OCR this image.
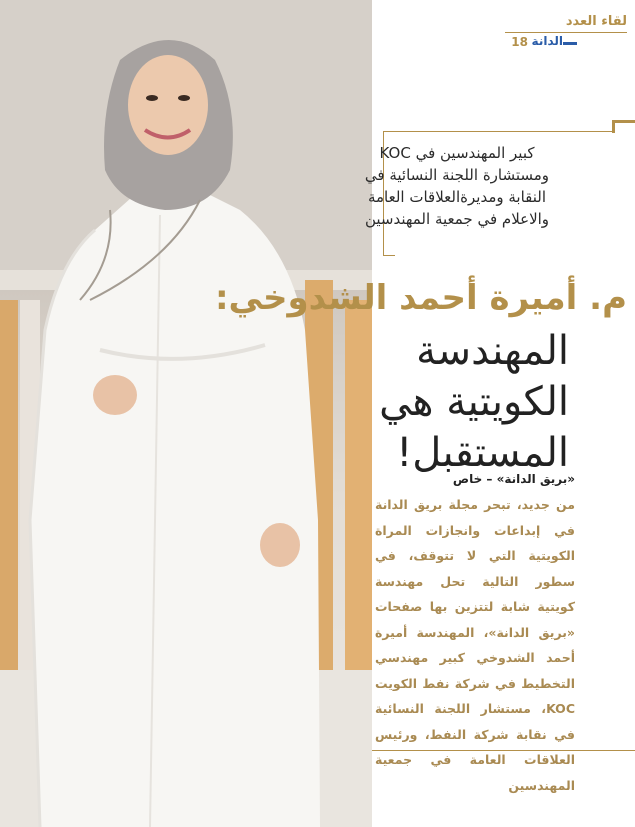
لقاء العدد
18 الدانة
كبير المهندسين في KOC ومستشارة اللجنة النسائية في النقابة ومديرةالعلاقات العامة والاعلام في جمعية المهندسين
م. أميرة أحمد الشدوخي:
المهندسة الكويتية هي المستقبل!
«بريق الدانة» – خاص
من جديد، تبحر مجلة بريق الدانة في إبداعات وانجازات المراة الكويتية التي لا تتوقف، في سطور التالية تحل مهندسة كويتية شابة لتتزين بها صفحات «بريق الدانة»، المهندسة أميرة أحمد الشدوخي كبير مهندسي التخطيط في شركة نفط الكويت KOC، مستشار اللجنة النسائية في نقابة شركة النفط، ورئيس العلاقات العامة في جمعية المهندسين
